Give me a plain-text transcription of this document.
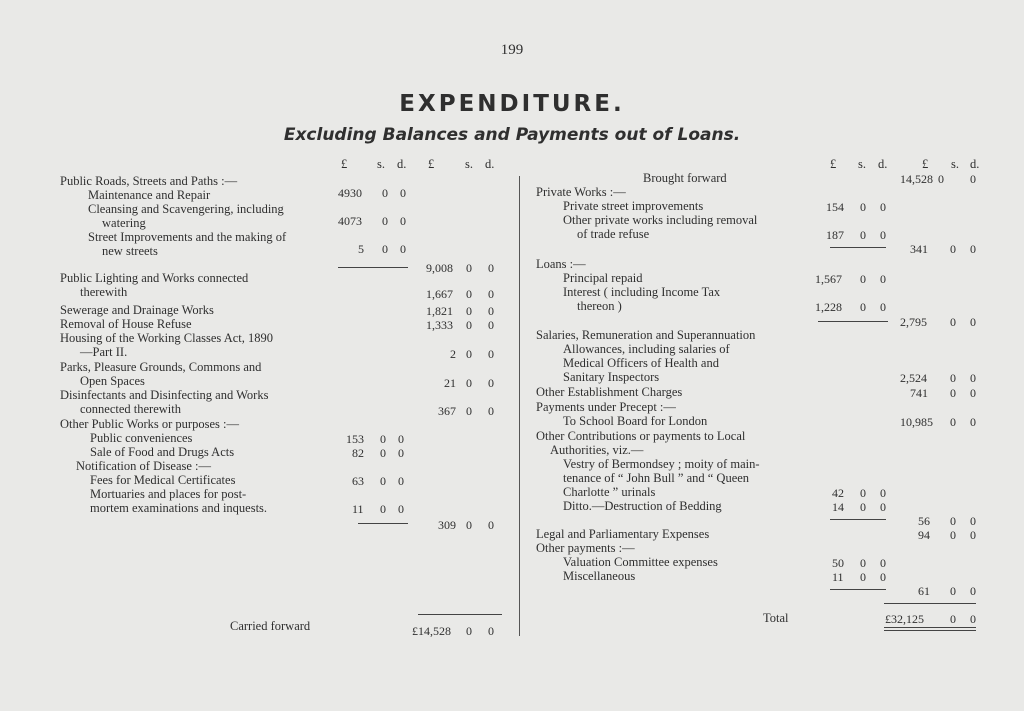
199
EXPENDITURE.
Excluding Balances and Payments out of Loans.
£ s. d. £ s. d.	£ s. d.	£ s. d.
Public Roads, Streets and Paths :—
Maintenance and Repair
Cleansing and Scavengering, including
watering
Street Improvements and the making of
new streets
Public Lighting and Works connected
therewith
Sewerage and Drainage Works
Removal of House Refuse
Housing of the Working Classes Act, 1890
—Part II.
Parks, Pleasure Grounds, Commons and
Open Spaces
Disinfectants and Disinfecting and Works
connected therewith
Other Public Works or purposes :—
Public conveniences
Sale of Food and Drugs Acts
Notification of Disease :—
Fees for Medical Certificates
Mortuaries and places for post-
mortem examinations and inquests.
Carried forward
4930 0 0
4073 0 0
5 0 0
9,008 0 0
1,667 0 0
1,821 0 0
1,333 0 0
2 0 0
21 0 0
367 0 0
153 0 0
82 0 0
63 0 0
11 0 0
309 0 0
£14,528 0 0
Brought forward
Private Works :—
Private street improvements
Other private works including removal
of trade refuse
Loans :—
Principal repaid
Interest ( including Income Tax
thereon )
Salaries, Remuneration and Superannuation
Allowances, including salaries of
Medical Officers of Health and
Sanitary Inspectors
Other Establishment Charges
Payments under Precept :—
To School Board for London
Other Contributions or payments to Local
Authorities, viz.—
Vestry of Bermondsey ; moity of main-
tenance of “ John Bull ” and “ Queen
Charlotte ” urinals
Ditto.—Destruction of Bedding
Legal and Parliamentary Expenses
Other payments :—
Valuation Committee expenses
Miscellaneous
Total
14,528 0 0
154 0 0
187 0 0
341 0 0
1,567 0 0
1,228 0 0
2,795 0 0
2,524 0 0
741 0 0
10,985 0 0
42 0 0
14 0 0
56 0 0
94 0 0
50 0 0
11 0 0
61 0 0
£32,125 0 0
